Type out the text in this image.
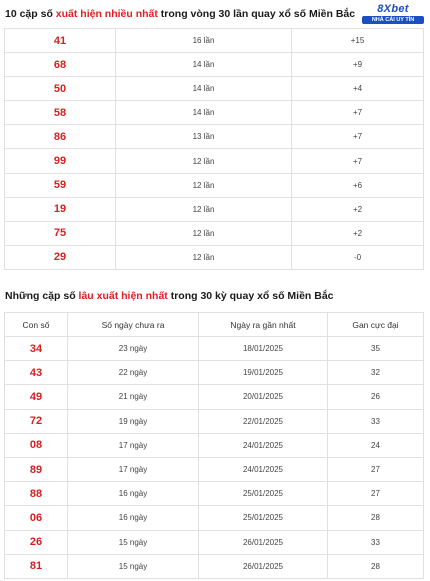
10 cặp số xuất hiện nhiều nhất trong vòng 30 lần quay xổ số Miền Bắc	8Xbet
NHÀ CÁI UY TÍN
41	16 lần	+15
68	14 lần	+9
50	14 lần	+4
58	14 lần	+7
86	13 lần	+7
99	12 lần	+7
59	12 lần	+6
19	12 lần	+2
75	12 lần	+2
29	12 lần	-0
Những cặp số lâu xuất hiện nhất trong 30 kỳ quay xổ số Miền Bắc
Con số	Số ngày chưa ra	Ngày ra gần nhất	Gan cực đại
34	23 ngày	18/01/2025	35
43	22 ngày	19/01/2025	32
49	21 ngày	20/01/2025	26
72	19 ngày	22/01/2025	33
08	17 ngày	24/01/2025	24
89	17 ngày	24/01/2025	27
88	16 ngày	25/01/2025	27
06	16 ngày	25/01/2025	28
26	15 ngày	26/01/2025	33
81	15 ngày	26/01/2025	28
